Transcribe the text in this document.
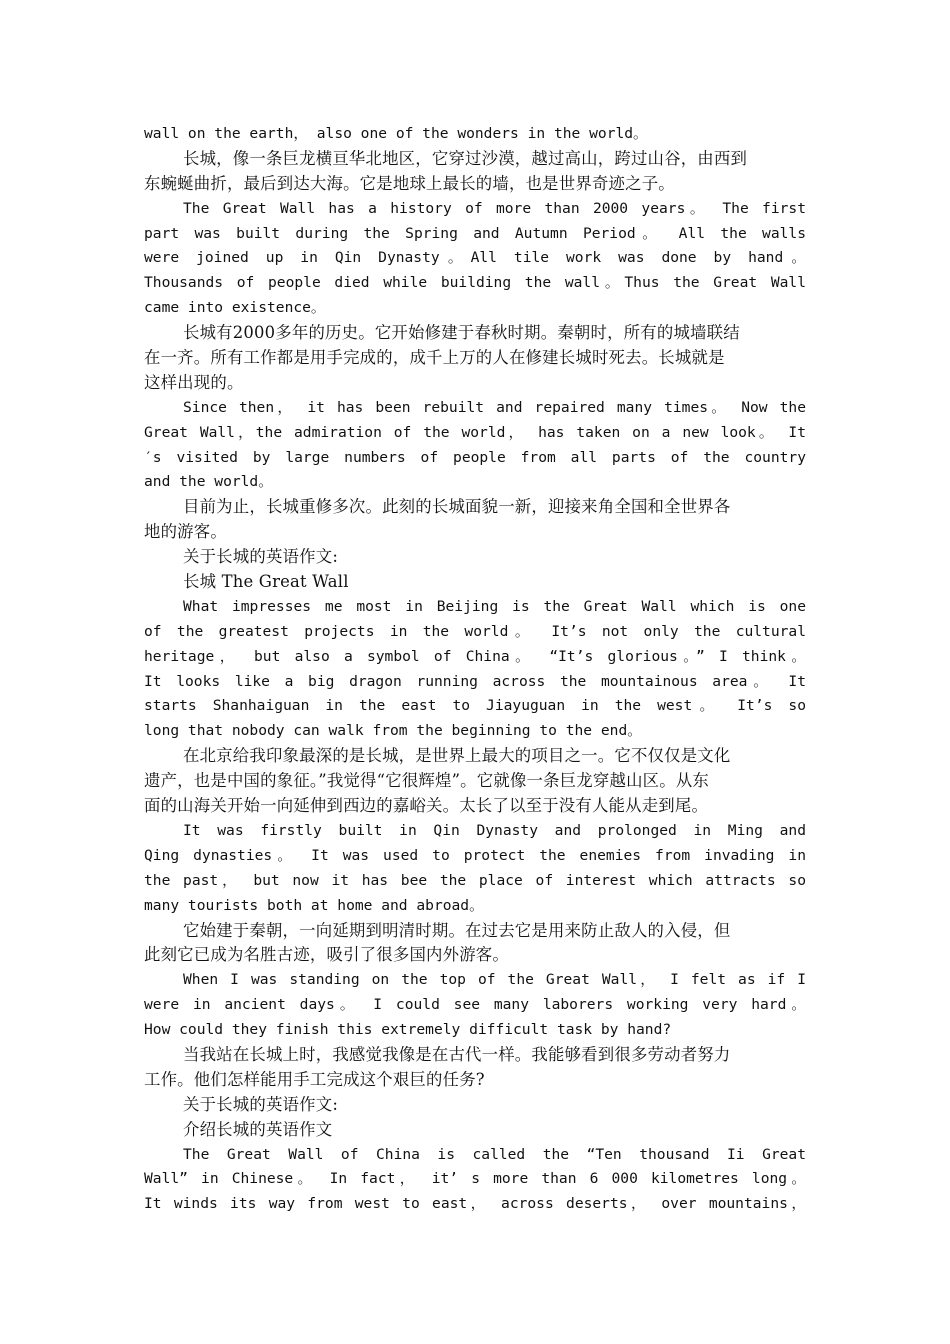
wall on the earth， also one of the wonders in the world。
长城，像一条巨龙横亘华北地区，它穿过沙漠，越过高山，跨过山谷，由西到
东蜿蜒曲折，最后到达大海。它是地球上最长的墙，也是世界奇迹之子。
The Great Wall has a history of more than 2000 years。 The first
part was built during the Spring and Autumn Period。 All the walls
were joined up in Qin Dynasty。All tile work was done by hand。
Thousands of people died while building the wall。Thus the Great Wall
came into existence。
长城有2000多年的历史。它开始修建于春秋时期。秦朝时，所有的城墙联结
在一齐。所有工作都是用手完成的，成千上万的人在修建长城时死去。长城就是
这样出现的。
Since then， it has been rebuilt and repaired many times。 Now the
Great Wall，the admiration of the world， has taken on a new look。 It
′s visited by large numbers of people from all parts of the country
and the world。
目前为止，长城重修多次。此刻的长城面貌一新，迎接来角全国和全世界各
地的游客。
关于长城的英语作文:
长城 The Great Wall
What impresses me most in Beijing is the Great Wall which is one
of the greatest projects in the world。 It’s not only the cultural
heritage， but also a symbol of China。 “It’s glorious。” I think。
It looks like a big dragon running across the mountainous area。 It
starts Shanhaiguan in the east to Jiayuguan in the west。 It’s so
long that nobody can walk from the beginning to the end。
在北京给我印象最深的是长城，是世界上最大的项目之一。它不仅仅是文化
遗产，也是中国的象征。”我觉得“它很辉煌”。它就像一条巨龙穿越山区。从东
面的山海关开始一向延伸到西边的嘉峪关。太长了以至于没有人能从走到尾。
It was firstly built in Qin Dynasty and prolonged in Ming and
Qing dynasties。 It was used to protect the enemies from invading in
the past， but now it has bee the place of interest which attracts so
many tourists both at home and abroad。
它始建于秦朝，一向延期到明清时期。在过去它是用来防止敌人的入侵，但
此刻它已成为名胜古迹，吸引了很多国内外游客。
When I was standing on the top of the Great Wall， I felt as if I
were in ancient days。 I could see many laborers working very hard。
How could they finish this extremely difficult task by hand?
当我站在长城上时，我感觉我像是在古代一样。我能够看到很多劳动者努力
工作。他们怎样能用手工完成这个艰巨的任务?
关于长城的英语作文:
介绍长城的英语作文
The Great Wall of China is called the “Ten thousand Ii Great
Wall” in Chinese。 In fact， it’ s more than 6 000 kilometres long。
It winds its way from west to east， across deserts， over mountains，
